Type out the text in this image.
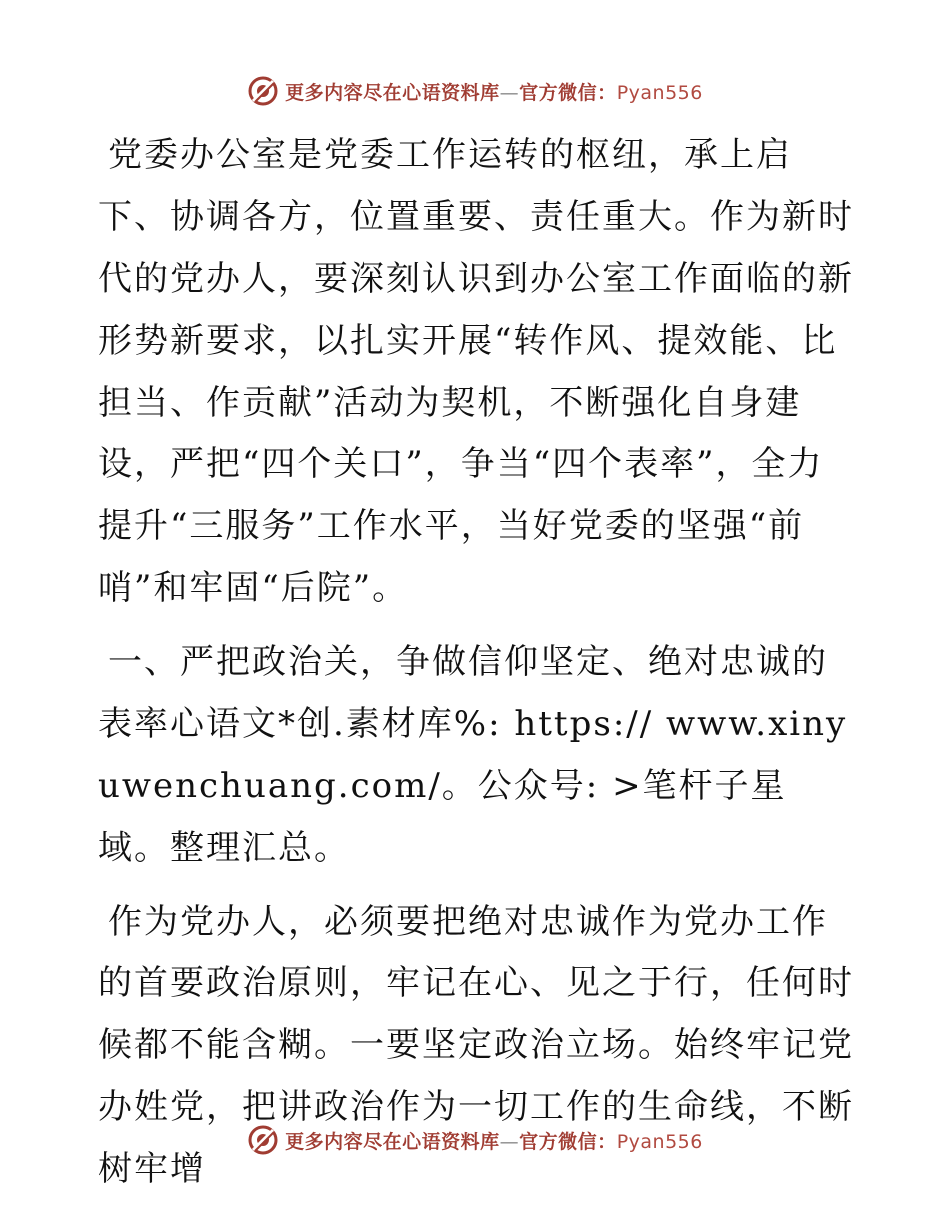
更多内容尽在心语资料库—官方微信：Pyan556

党委办公室是党委工作运转的枢纽，承上启下、协调各方，位置重要、责任重大。作为新时代的党办人，要深刻认识到办公室工作面临的新形势新要求，以扎实开展“转作风、提效能、比担当、作贡献”活动为契机，不断强化自身建设，严把“四个关口”，争当“四个表率”，全力提升“三服务”工作水平，当好党委的坚强“前哨”和牢固“后院”。

一、严把政治关，争做信仰坚定、绝对忠诚的表率心语文*创.素材库%: https:// www.xinyuwenchuang.com/。公众号: >笔杆子星域。整理汇总。

作为党办人，必须要把绝对忠诚作为党办工作的首要政治原则，牢记在心、见之于行，任何时候都不能含糊。一要坚定政治立场。始终牢记党办姓党，把讲政治作为一切工作的生命线，不断树牢增

更多内容尽在心语资料库—官方微信：Pyan556
